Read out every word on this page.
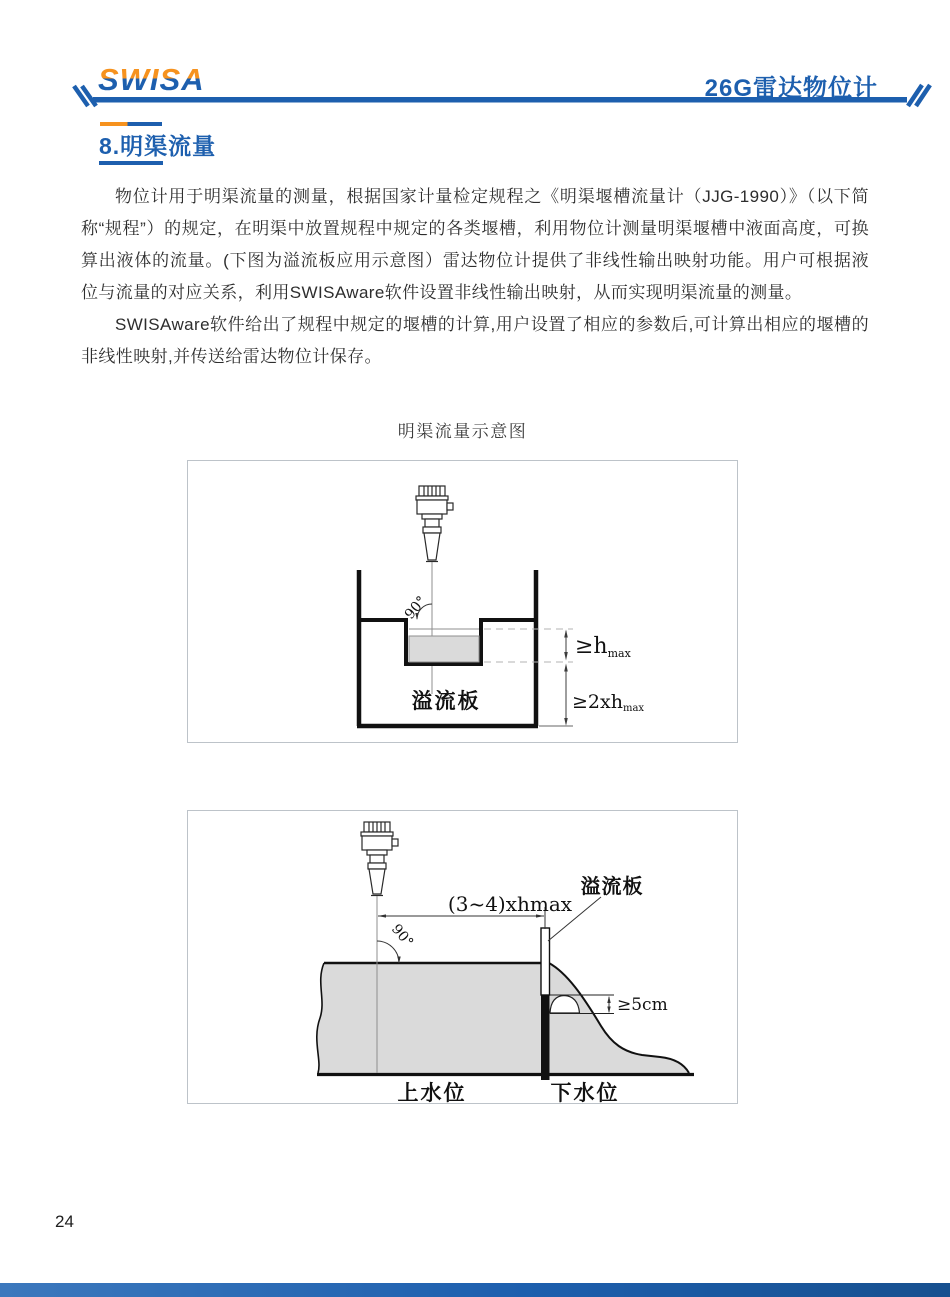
SWISA	26G雷达物位计
8.明渠流量

物位计用于明渠流量的测量，根据国家计量检定规程之《明渠堰槽流量计（JJG-1990）》（以下简称“规程”）的规定，在明渠中放置规程中规定的各类堰槽，利用物位计测量明渠堰槽中液面高度，可换算出液体的流量。(下图为溢流板应用示意图）雷达物位计提供了非线性输出映射功能。用户可根据液位与流量的对应关系，利用SWISAware软件设置非线性输出映射，从而实现明渠流量的测量。

SWISAware软件给出了规程中规定的堰槽的计算,用户设置了相应的参数后,可计算出相应的堰槽的非线性映射,并传送给雷达物位计保存。

明渠流量示意图
≥hmax
≥2xhmax
90°
溢流板
(3~4)xhmax
90°
≥5cm
溢流板
上水位	下水位
24
